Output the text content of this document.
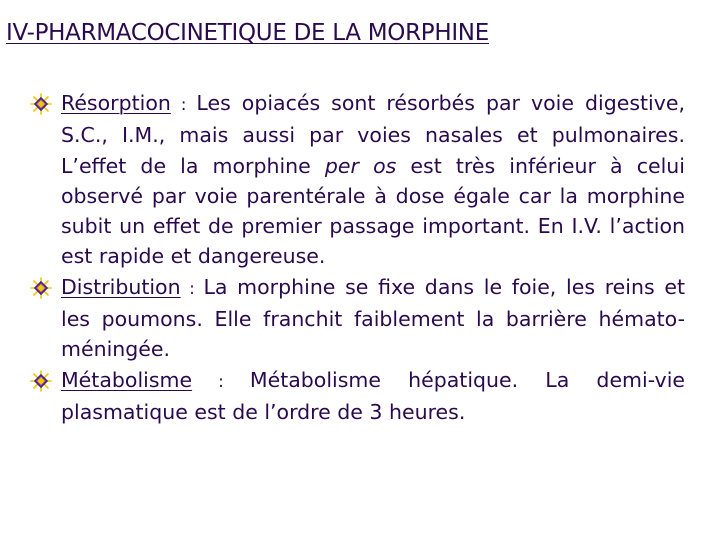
IV-PHARMACOCINETIQUE DE LA MORPHINE
Résorption : Les opiacés sont résorbés par voie digestive, S.C., I.M., mais aussi par voies nasales et pulmonaires. L’effet de la morphine per os est très inférieur à celui observé par voie parentérale à dose égale car la morphine subit un effet de premier passage important. En I.V. l’action est rapide et dangereuse.
Distribution : La morphine se fixe dans le foie, les reins et les poumons. Elle franchit faiblement la barrière hémato-méningée.
Métabolisme : Métabolisme hépatique. La demi-vie plasmatique est de l’ordre de 3 heures.
